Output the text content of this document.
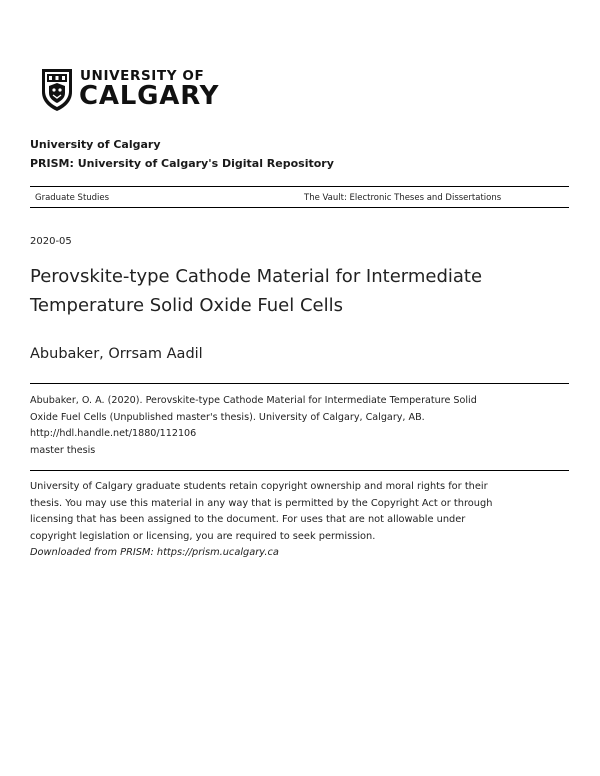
UNIVERSITY OF
CALGARY
University of Calgary
PRISM: University of Calgary's Digital Repository
Graduate Studies	The Vault: Electronic Theses and Dissertations
2020-05
Perovskite-type Cathode Material for Intermediate
Temperature Solid Oxide Fuel Cells
Abubaker, Orrsam Aadil
Abubaker, O. A. (2020). Perovskite-type Cathode Material for Intermediate Temperature Solid
Oxide Fuel Cells (Unpublished master's thesis). University of Calgary, Calgary, AB.
http://hdl.handle.net/1880/112106
master thesis
University of Calgary graduate students retain copyright ownership and moral rights for their
thesis. You may use this material in any way that is permitted by the Copyright Act or through
licensing that has been assigned to the document. For uses that are not allowable under
copyright legislation or licensing, you are required to seek permission.
Downloaded from PRISM: https://prism.ucalgary.ca
